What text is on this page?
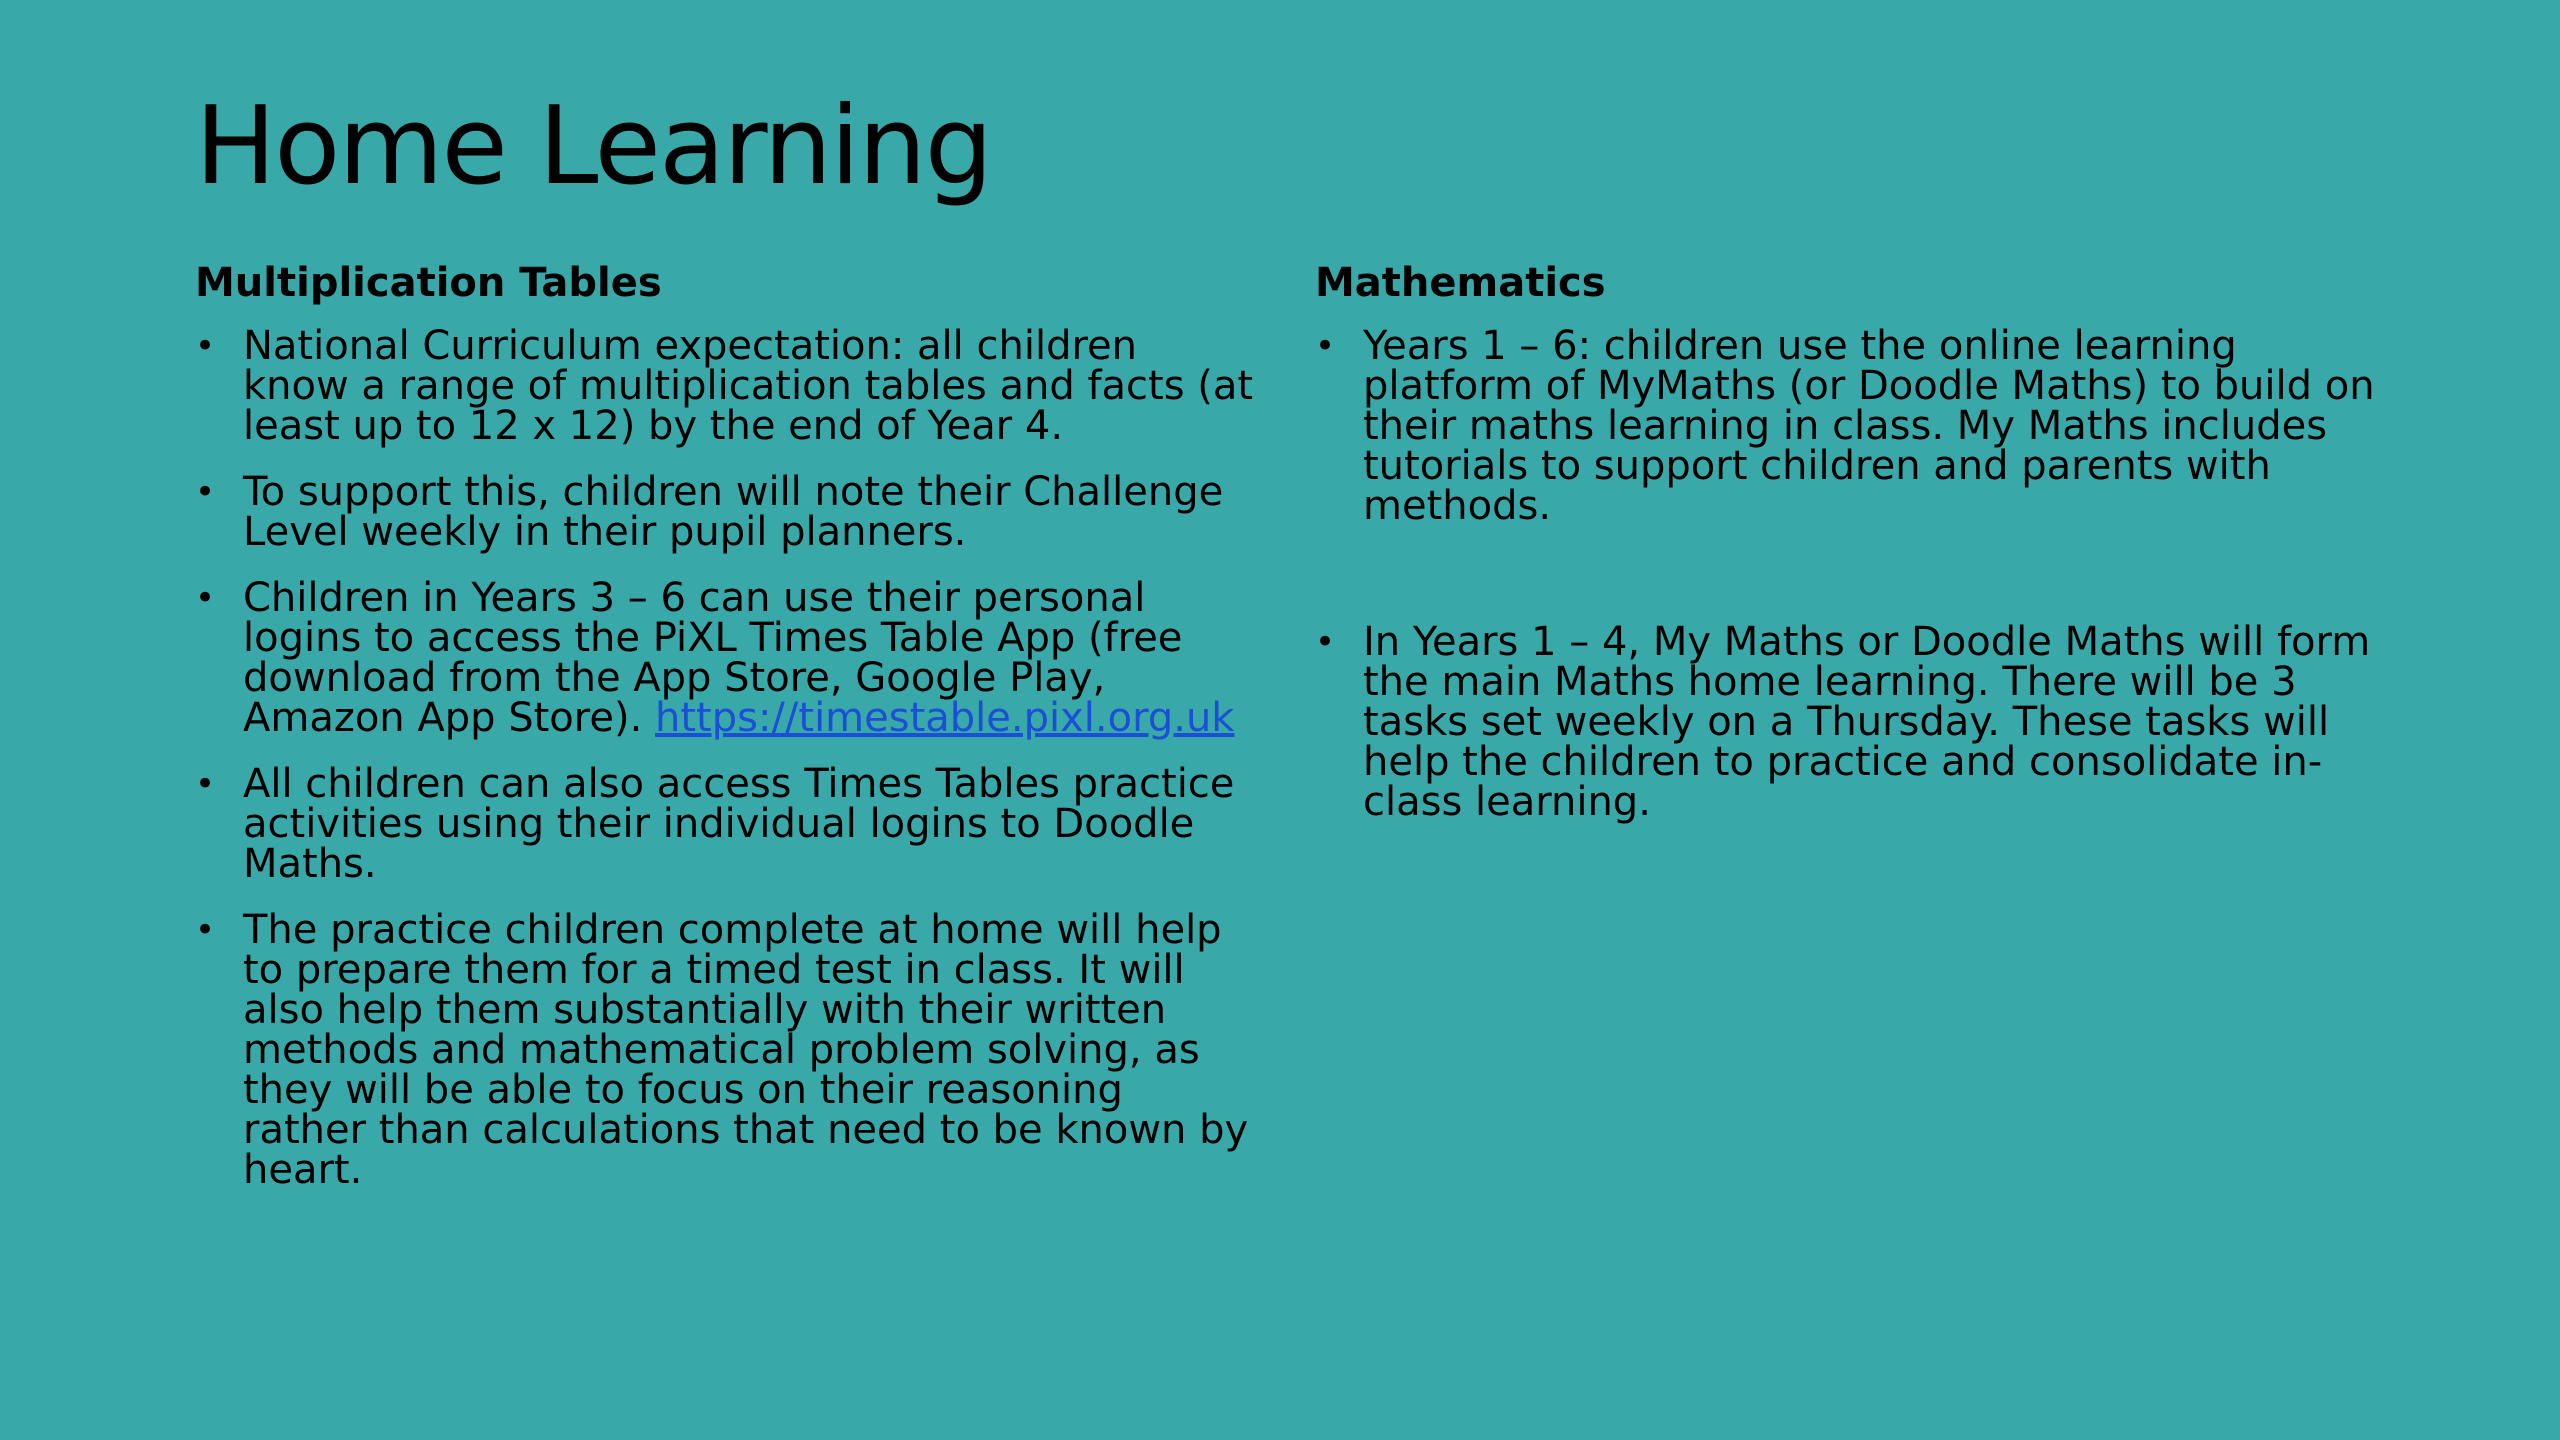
Home Learning
Multiplication Tables
• National Curriculum expectation: all children know a range of multiplication tables and facts (at least up to 12 x 12) by the end of Year 4.
• To support this, children will note their Challenge Level weekly in their pupil planners.
• Children in Years 3 – 6 can use their personal logins to access the PiXL Times Table App (free download from the App Store, Google Play, Amazon App Store). https://timestable.pixl.org.uk
• All children can also access Times Tables practice activities using their individual logins to Doodle Maths.
• The practice children complete at home will help to prepare them for a timed test in class. It will also help them substantially with their written methods and mathematical problem solving, as they will be able to focus on their reasoning rather than calculations that need to be known by heart.
Mathematics
• Years 1 – 6: children use the online learning platform of MyMaths (or Doodle Maths) to build on their maths learning in class. My Maths includes tutorials to support children and parents with methods.
• In Years 1 – 4, My Maths or Doodle Maths will form the main Maths home learning. There will be 3 tasks set weekly on a Thursday. These tasks will help the children to practice and consolidate in-class learning.
